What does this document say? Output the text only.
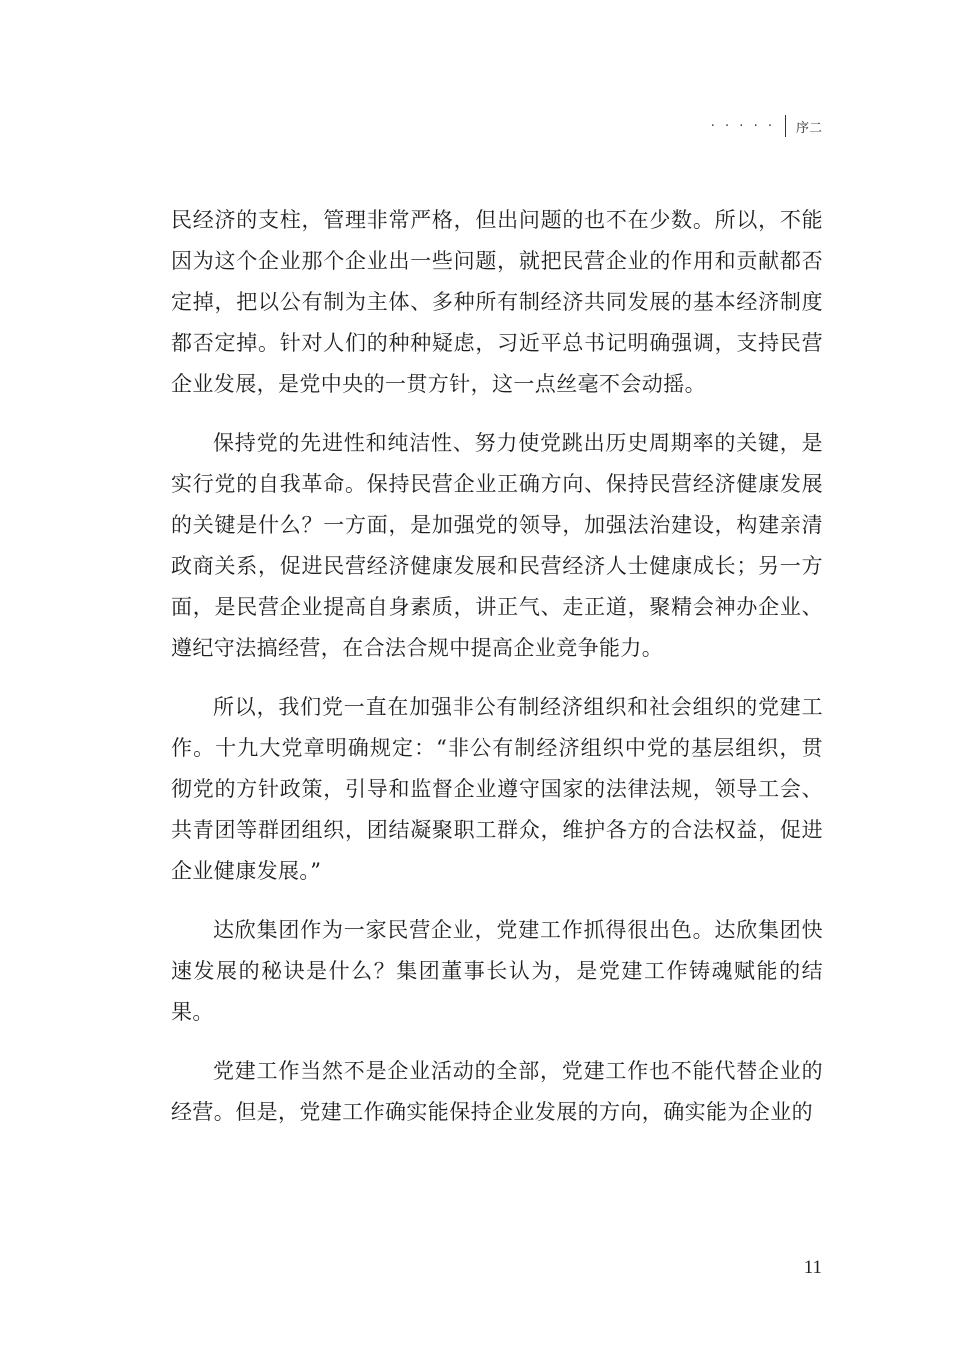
· · · · · 序二

民经济的支柱，管理非常严格，但出问题的也不在少数。所以，不能因为这个企业那个企业出一些问题，就把民营企业的作用和贡献都否定掉，把以公有制为主体、多种所有制经济共同发展的基本经济制度都否定掉。针对人们的种种疑虑，习近平总书记明确强调，支持民营企业发展，是党中央的一贯方针，这一点丝毫不会动摇。

保持党的先进性和纯洁性、努力使党跳出历史周期率的关键，是实行党的自我革命。保持民营企业正确方向、保持民营经济健康发展的关键是什么？一方面，是加强党的领导，加强法治建设，构建亲清政商关系，促进民营经济健康发展和民营经济人士健康成长；另一方面，是民营企业提高自身素质，讲正气、走正道，聚精会神办企业、遵纪守法搞经营，在合法合规中提高企业竞争能力。

所以，我们党一直在加强非公有制经济组织和社会组织的党建工作。十九大党章明确规定：“非公有制经济组织中党的基层组织，贯彻党的方针政策，引导和监督企业遵守国家的法律法规，领导工会、共青团等群团组织，团结凝聚职工群众，维护各方的合法权益，促进企业健康发展。”

达欣集团作为一家民营企业，党建工作抓得很出色。达欣集团快速发展的秘诀是什么？集团董事长认为，是党建工作铸魂赋能的结果。

党建工作当然不是企业活动的全部，党建工作也不能代替企业的经营。但是，党建工作确实能保持企业发展的方向，确实能为企业的

11
